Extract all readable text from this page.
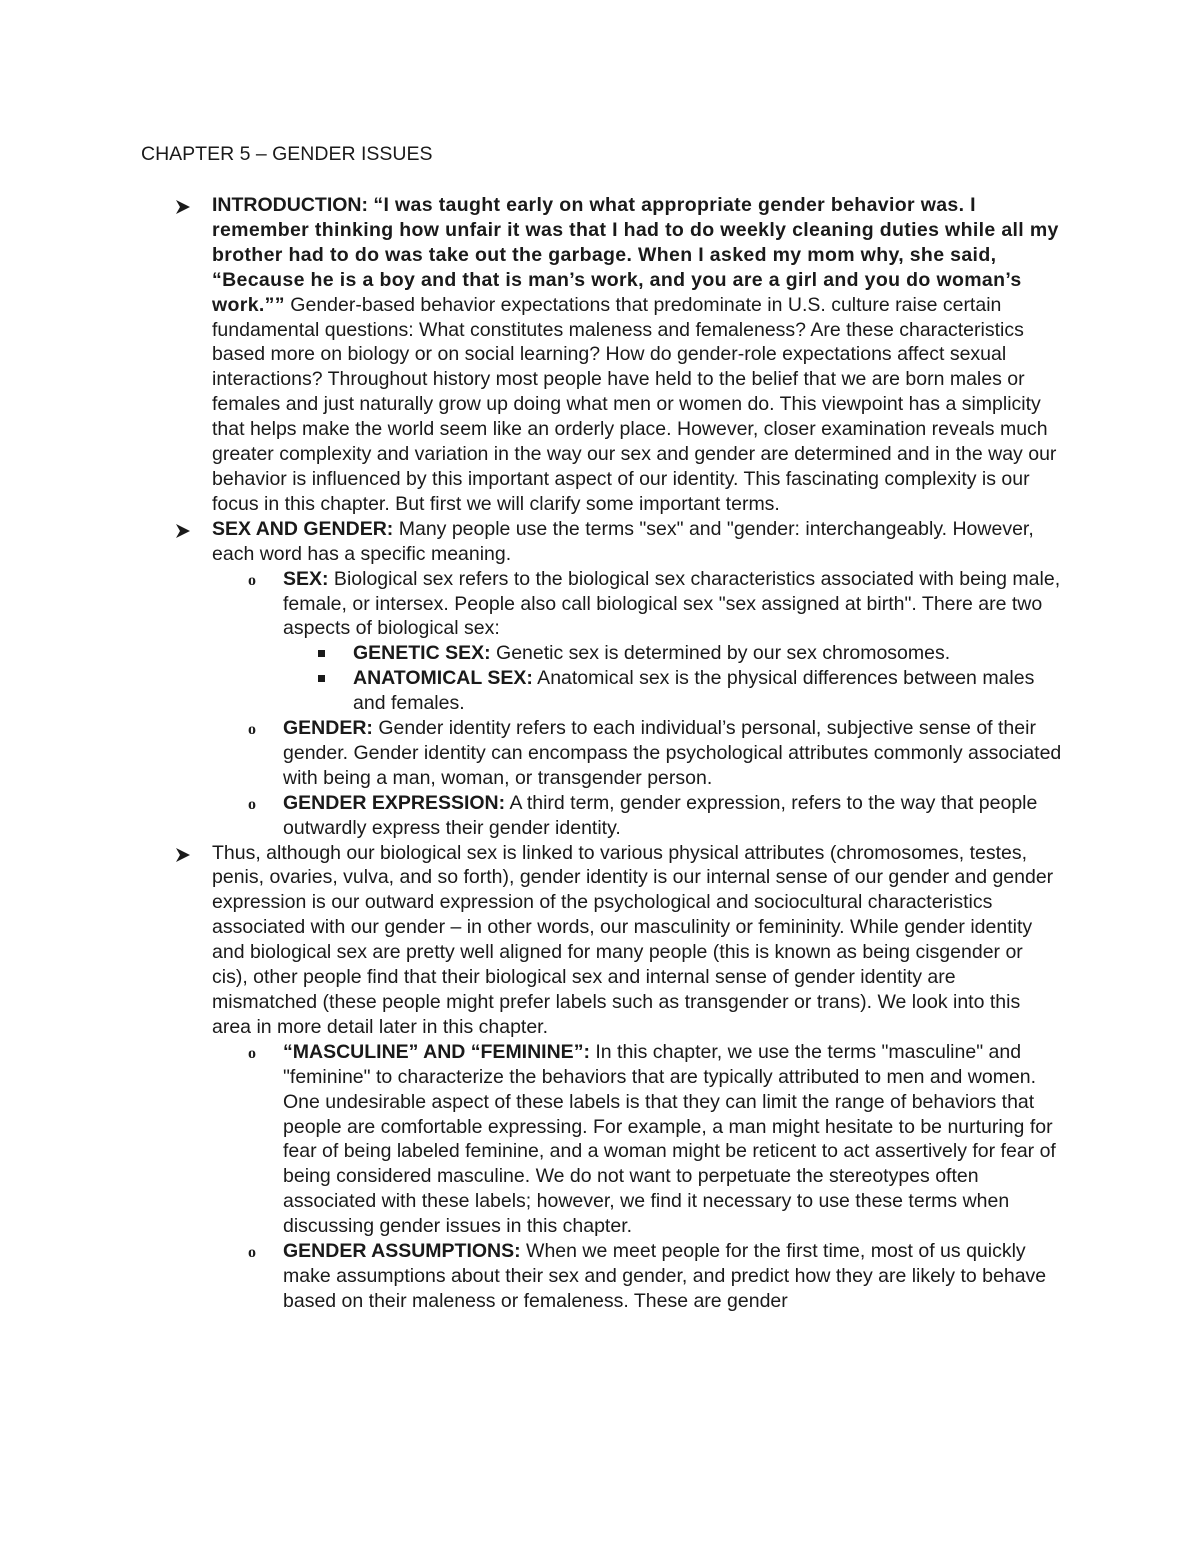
CHAPTER 5 – GENDER ISSUES
INTRODUCTION: “I was taught early on what appropriate gender behavior was. I remember thinking how unfair it was that I had to do weekly cleaning duties while all my brother had to do was take out the garbage. When I asked my mom why, she said, “Because he is a boy and that is man’s work, and you are a girl and you do woman’s work.”” Gender-based behavior expectations that predominate in U.S. culture raise certain fundamental questions: What constitutes maleness and femaleness? Are these characteristics based more on biology or on social learning? How do gender-role expectations affect sexual interactions? Throughout history most people have held to the belief that we are born males or females and just naturally grow up doing what men or women do. This viewpoint has a simplicity that helps make the world seem like an orderly place. However, closer examination reveals much greater complexity and variation in the way our sex and gender are determined and in the way our behavior is influenced by this important aspect of our identity. This fascinating complexity is our focus in this chapter. But first we will clarify some important terms.
SEX AND GENDER: Many people use the terms "sex" and "gender: interchangeably. However, each word has a specific meaning.
o SEX: Biological sex refers to the biological sex characteristics associated with being male, female, or intersex. People also call biological sex "sex assigned at birth". There are two aspects of biological sex:
GENETIC SEX: Genetic sex is determined by our sex chromosomes.
ANATOMICAL SEX: Anatomical sex is the physical differences between males and females.
o GENDER: Gender identity refers to each individual’s personal, subjective sense of their gender. Gender identity can encompass the psychological attributes commonly associated with being a man, woman, or transgender person.
o GENDER EXPRESSION: A third term, gender expression, refers to the way that people outwardly express their gender identity.
Thus, although our biological sex is linked to various physical attributes (chromosomes, testes, penis, ovaries, vulva, and so forth), gender identity is our internal sense of our gender and gender expression is our outward expression of the psychological and sociocultural characteristics associated with our gender – in other words, our masculinity or femininity. While gender identity and biological sex are pretty well aligned for many people (this is known as being cisgender or cis), other people find that their biological sex and internal sense of gender identity are mismatched (these people might prefer labels such as transgender or trans). We look into this area in more detail later in this chapter.
o “MASCULINE” AND “FEMININE”: In this chapter, we use the terms "masculine" and "feminine" to characterize the behaviors that are typically attributed to men and women. One undesirable aspect of these labels is that they can limit the range of behaviors that people are comfortable expressing. For example, a man might hesitate to be nurturing for fear of being labeled feminine, and a woman might be reticent to act assertively for fear of being considered masculine. We do not want to perpetuate the stereotypes often associated with these labels; however, we find it necessary to use these terms when discussing gender issues in this chapter.
o GENDER ASSUMPTIONS: When we meet people for the first time, most of us quickly make assumptions about their sex and gender, and predict how they are likely to behave based on their maleness or femaleness. These are gender
